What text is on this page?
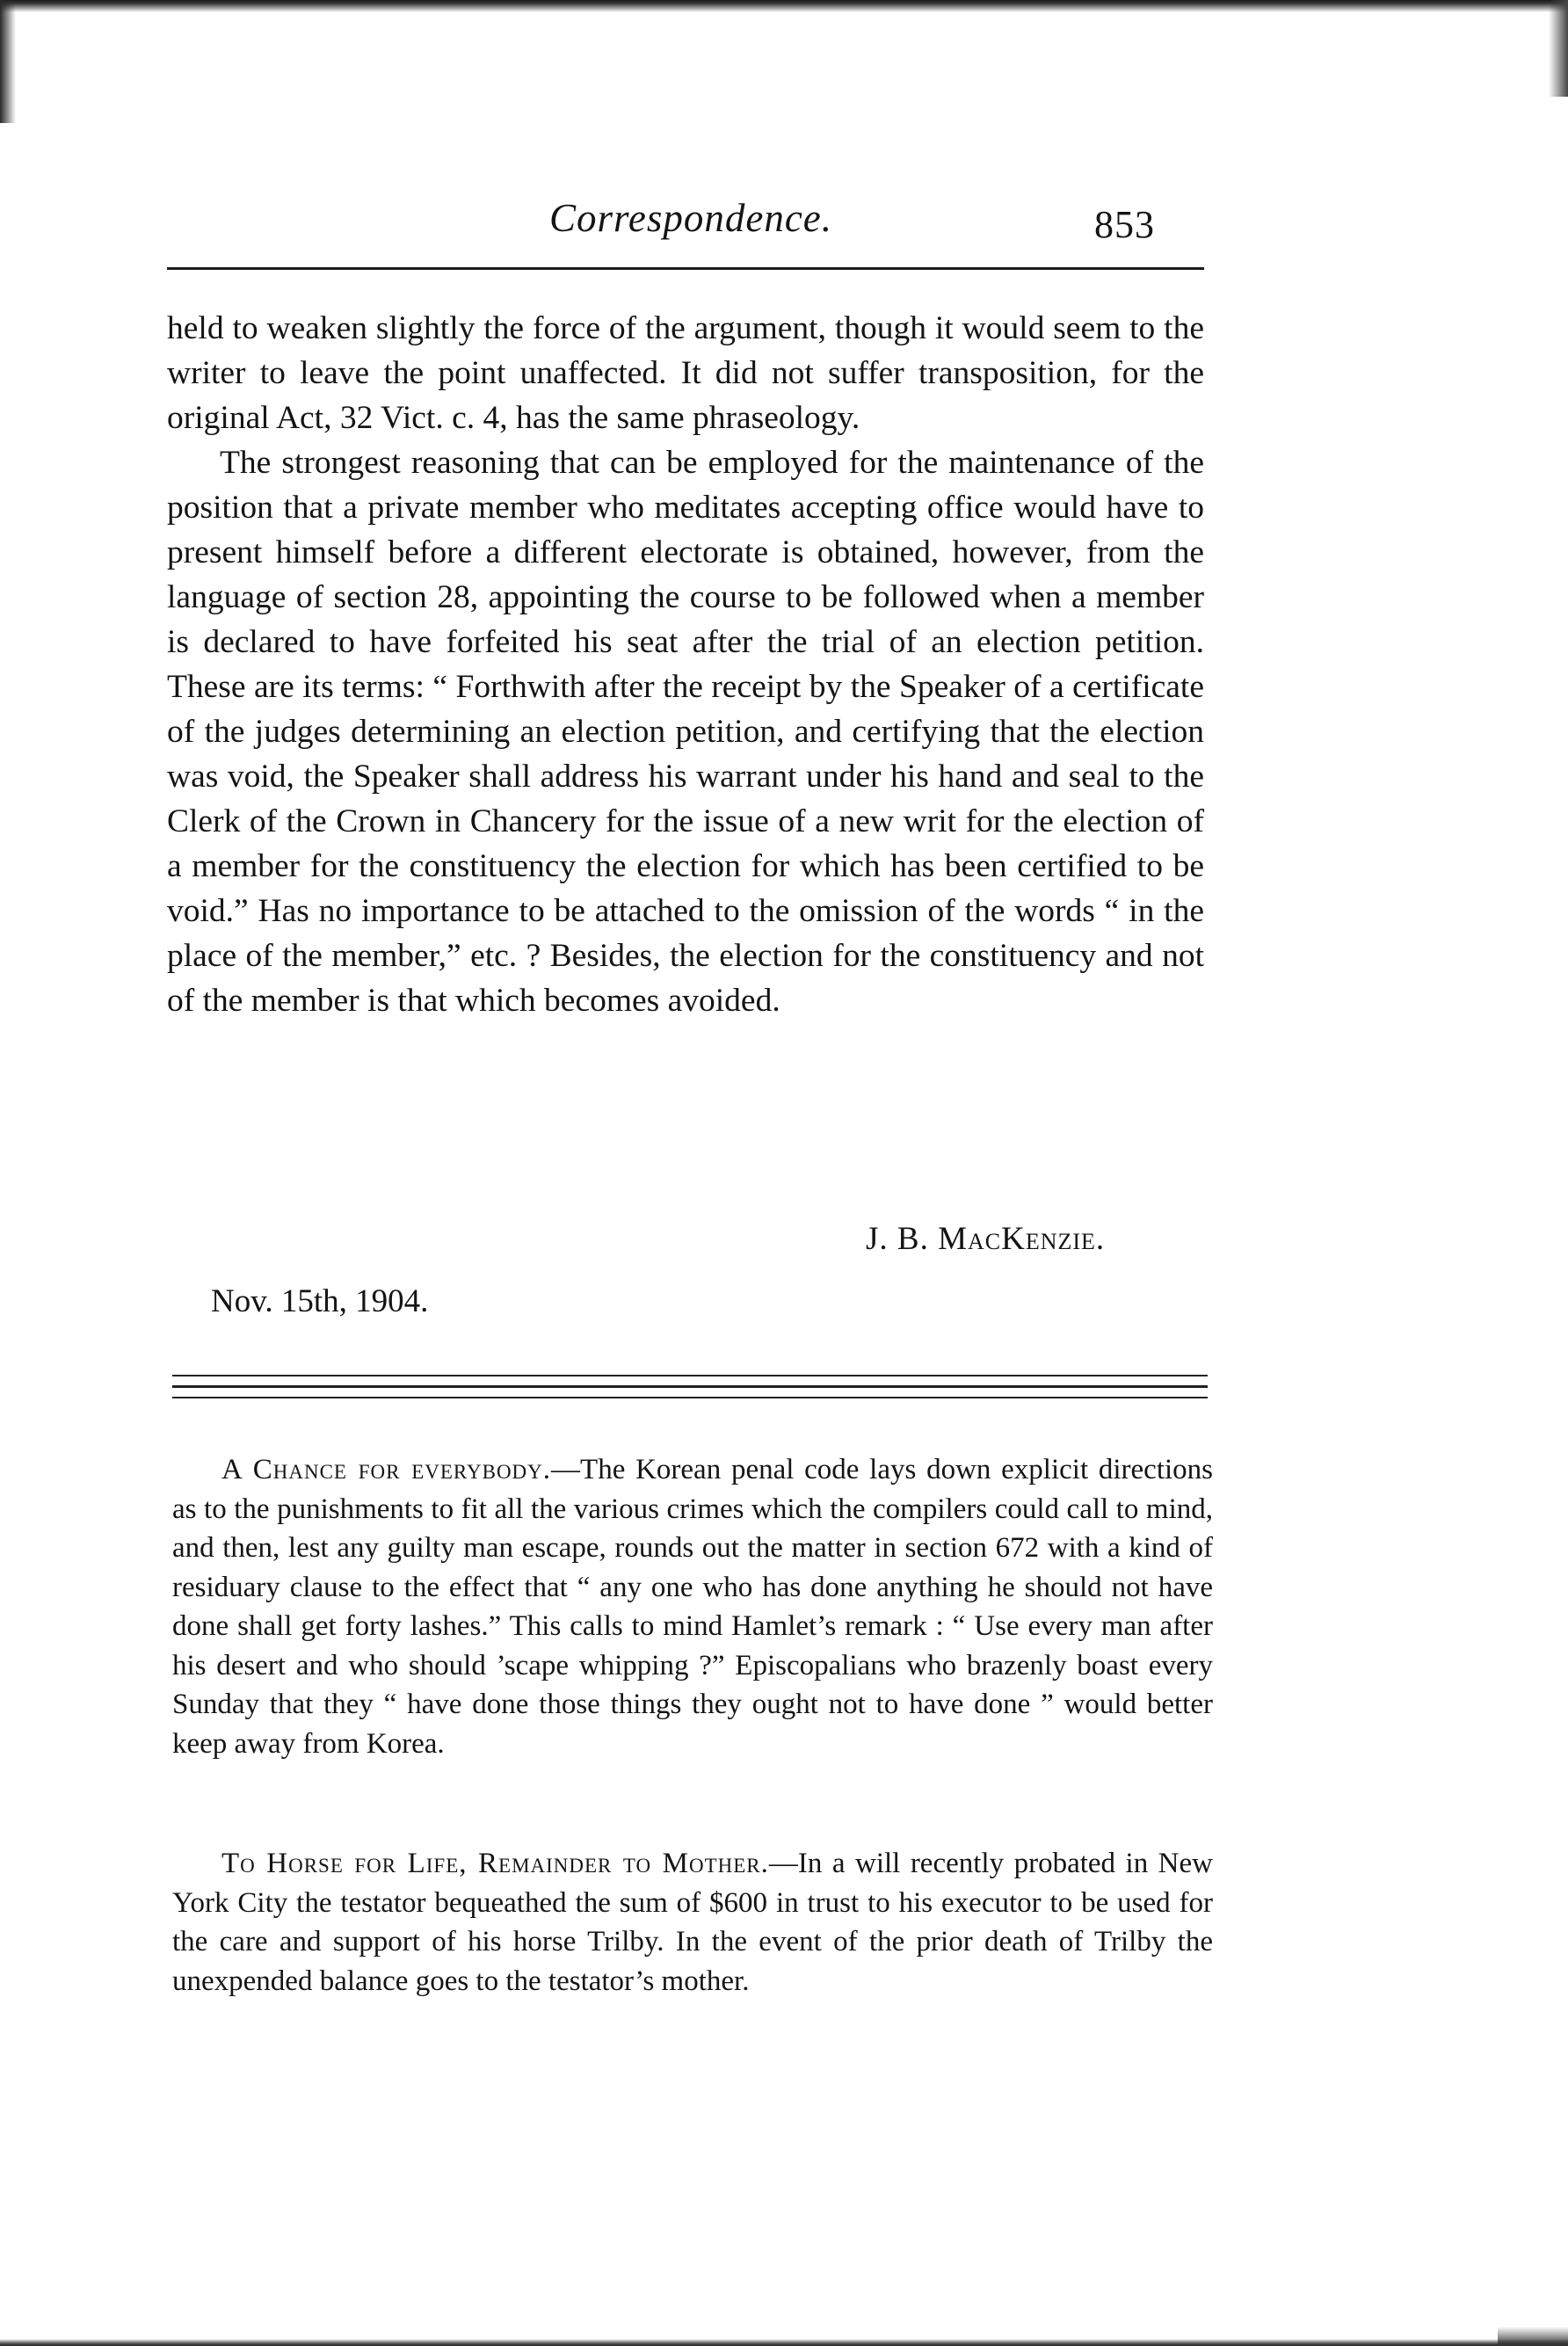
Correspondence.	853

held to weaken slightly the force of the argument, though it would seem to the writer to leave the point unaffected. It did not suffer transposition, for the original Act, 32 Vict. c. 4, has the same phraseology.

The strongest reasoning that can be employed for the maintenance of the position that a private member who meditates accepting office would have to present himself before a different electorate is obtained, however, from the language of section 28, appointing the course to be followed when a member is declared to have forfeited his seat after the trial of an election petition. These are its terms: “ Forthwith after the receipt by the Speaker of a certificate of the judges determining an election petition, and certifying that the election was void, the Speaker shall address his warrant under his hand and seal to the Clerk of the Crown in Chancery for the issue of a new writ for the election of a member for the constituency the election for which has been certified to be void.” Has no importance to be attached to the omission of the words “ in the place of the member,” etc. ? Besides, the election for the constituency and not of the member is that which becomes avoided.

J. B. MacKenzie.
Nov. 15th, 1904.

A Chance for everybody.—The Korean penal code lays down explicit directions as to the punishments to fit all the various crimes which the compilers could call to mind, and then, lest any guilty man escape, rounds out the matter in section 672 with a kind of residuary clause to the effect that “ any one who has done anything he should not have done shall get forty lashes.” This calls to mind Hamlet’s remark : “ Use every man after his desert and who should ’scape whipping ?” Episcopalians who brazenly boast every Sunday that they “ have done those things they ought not to have done ” would better keep away from Korea.

To Horse for Life, Remainder to Mother.—In a will recently probated in New York City the testator bequeathed the sum of $600 in trust to his executor to be used for the care and support of his horse Trilby. In the event of the prior death of Trilby the unexpended balance goes to the testator’s mother.
